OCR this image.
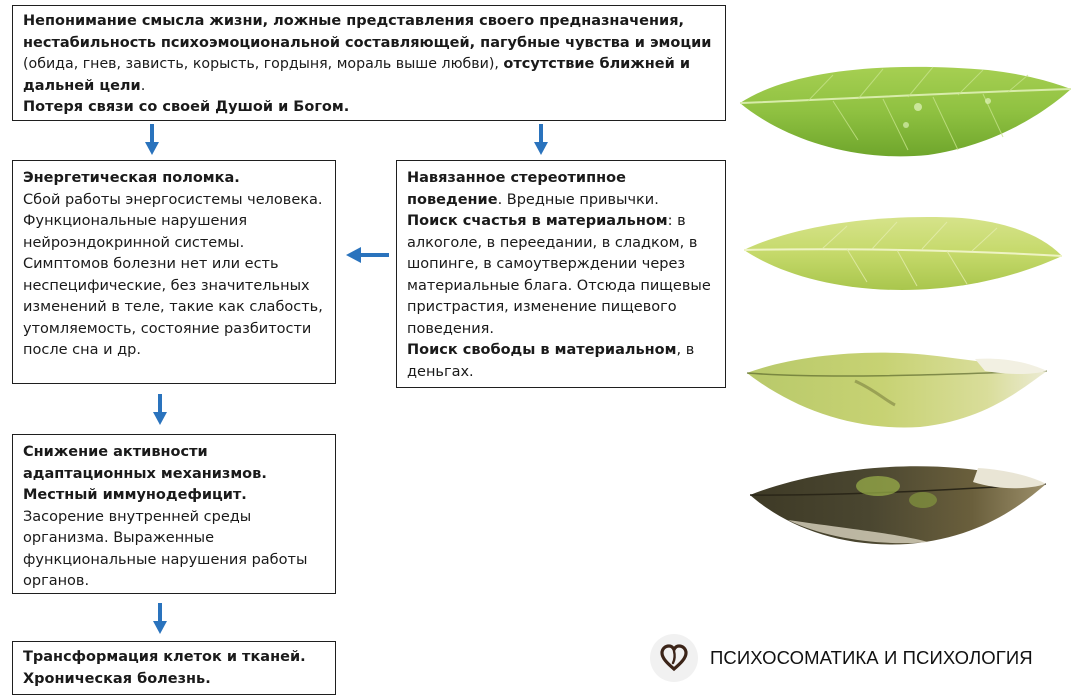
Непонимание смысла жизни, ложные представления своего предназначения, нестабильность психоэмоциональной составляющей, пагубные чувства и эмоции (обида, гнев, зависть, корысть, гордыня, мораль выше любви), отсутствие ближней и дальней цели.
Потеря связи со своей Душой и Богом.
Энергетическая поломка.
Сбой работы энергосистемы человека. Функциональные нарушения нейроэндокринной системы.
Симптомов болезни нет или есть неспецифические, без значительных изменений в теле, такие как слабость, утомляемость, состояние разбитости после сна и др.
Навязанное стереотипное поведение. Вредные привычки.
Поиск счастья в материальном: в алкоголе, в переедании, в сладком, в шопинге, в самоутверждении через материальные блага. Отсюда пищевые пристрастия, изменение пищевого поведения.
Поиск свободы в материальном, в деньгах.
Снижение активности адаптационных механизмов.
Местный иммунодефицит.
Засорение внутренней среды организма. Выраженные функциональные нарушения работы органов.
Трансформация клеток и тканей.
Хроническая болезнь.
ПСИХОСОМАТИКА И ПСИХОЛОГИЯ
